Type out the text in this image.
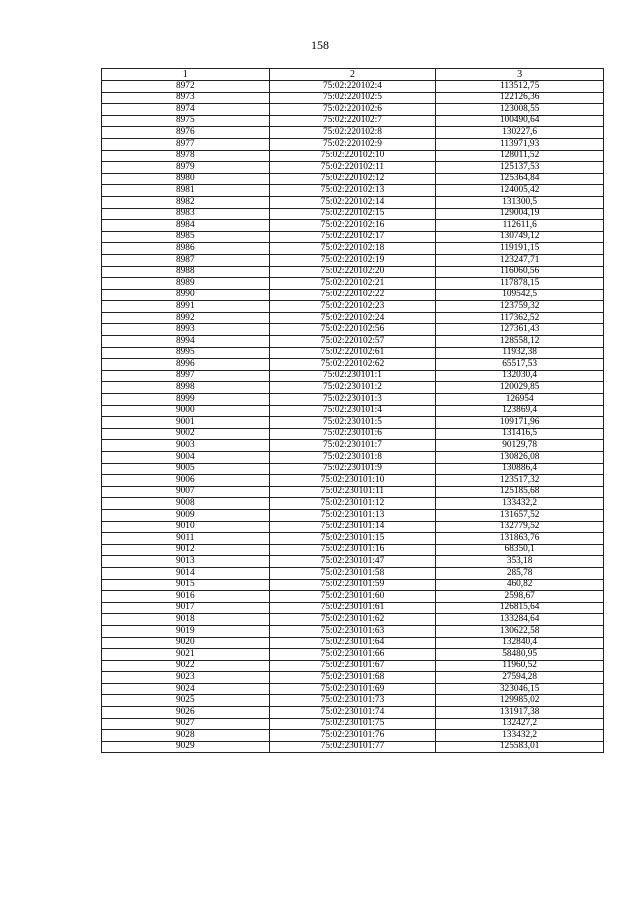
158
1	2	3
8972	75:02:220102:4	113512,75
8973	75:02:220102:5	122126,36
8974	75:02:220102:6	123008,55
8975	75:02:220102:7	100490,64
8976	75:02:220102:8	130227,6
8977	75:02:220102:9	113971,93
8978	75:02:220102:10	128011,52
8979	75:02:220102:11	125137,53
8980	75:02:220102:12	125364,84
8981	75:02:220102:13	124005,42
8982	75:02:220102:14	131300,5
8983	75:02:220102:15	129004,19
8984	75:02:220102:16	112611,6
8985	75:02:220102:17	130749,12
8986	75:02:220102:18	119191,15
8987	75:02:220102:19	123247,71
8988	75:02:220102:20	116060,56
8989	75:02:220102:21	117878,15
8990	75:02:220102:22	109542,5
8991	75:02:220102:23	123759,32
8992	75:02:220102:24	117362,52
8993	75:02:220102:56	127361,43
8994	75:02:220102:57	128558,12
8995	75:02:220102:61	11932,38
8996	75:02:220102:62	65517,53
8997	75:02:230101:1	132030,4
8998	75:02:230101:2	120029,85
8999	75:02:230101:3	126954
9000	75:02:230101:4	123869,4
9001	75:02:230101:5	109171,96
9002	75:02:230101:6	131416,5
9003	75:02:230101:7	90129,78
9004	75:02:230101:8	130826,08
9005	75:02:230101:9	130886,4
9006	75:02:230101:10	123517,32
9007	75:02:230101:11	125185,68
9008	75:02:230101:12	133432,2
9009	75:02:230101:13	131657,52
9010	75:02:230101:14	132779,52
9011	75:02:230101:15	131863,76
9012	75:02:230101:16	68350,1
9013	75:02:230101:47	353,18
9014	75:02:230101:58	285,78
9015	75:02:230101:59	460,82
9016	75:02:230101:60	2598,67
9017	75:02:230101:61	126815,64
9018	75:02:230101:62	133284,64
9019	75:02:230101:63	130622,58
9020	75:02:230101:64	132840,4
9021	75:02:230101:66	58480,95
9022	75:02:230101:67	11960,52
9023	75:02:230101:68	27594,28
9024	75:02:230101:69	323046,15
9025	75:02:230101:73	129985,02
9026	75:02:230101:74	131917,38
9027	75:02:230101:75	132427,2
9028	75:02:230101:76	133432,2
9029	75:02:230101:77	125583,01
